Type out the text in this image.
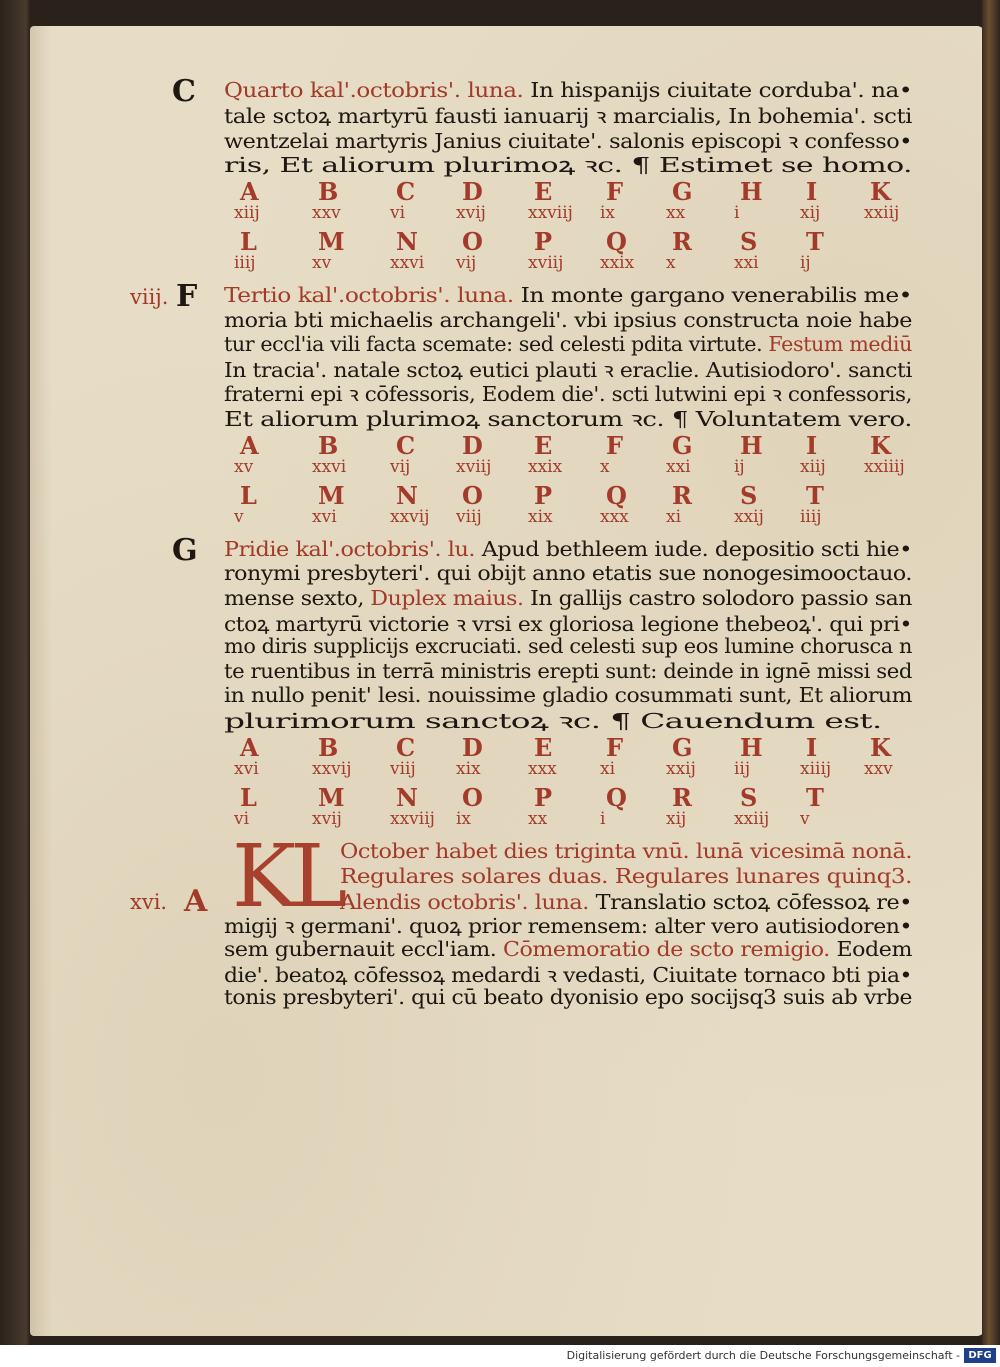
C Quarto kal'.octobris'. luna. In hispanijs ciuitate corduba'. na•
tale sctoꝝ martyrū fausti ianuarij ꝛ marcialis, In bohemia'. scti
wentzelai martyris Janius ciuitate'. salonis episcopi ꝛ confesso•
ris, Et aliorum plurimoꝝ ꝛc. ¶ Estimet se homo.
A B C D E F G H I K
xiij	xxv	vi	xvij xxviij ix	xx	i	xij	xxiij
L	M N O P Q R S T
iiij	xv	xxvi vij	xviij xxix x	xxi ij
F
viij.	Tertio kal'.octobris'. luna. In monte gargano venerabilis me•
moria bti michaelis archangeli'. vbi ipsius constructa noie habe
tur eccl'ia vili facta scemate: sed celesti pdita virtute. Festum mediū
In tracia'. natale sctoꝝ eutici plauti ꝛ eraclie. Autisiodoro'. sancti
fraterni epi ꝛ cōfessoris, Eodem die'. scti lutwini epi ꝛ confessoris,
Et aliorum plurimoꝝ sanctorum ꝛc. ¶ Voluntatem vero.
A B C D E F G H I K
xv	xxvi	vij	xviij xxix x	xxi	ij	xiij xxiiij
L	M N O P Q R S T
v	xvi	xxvij viij	xix	xxx xi	xxij iiij
G Pridie kal'.octobris'. lu. Apud bethleem iude. depositio scti hie•
ronymi presbyteri'. qui obijt anno etatis sue nonogesimooctauo.
mense sexto, Duplex maius. In gallijs castro solodoro passio san
ctoꝝ martyrū victorie ꝛ vrsi ex gloriosa legione thebeoꝝ'. qui pri•
mo diris supplicijs excruciati. sed celesti sup eos lumine chorusca n
te ruentibus in terrā ministris erepti sunt: deinde in ignē missi sed
in nullo penit' lesi. nouissime gladio cosummati sunt, Et aliorum
plurimorum sanctoꝝ ꝛc. ¶ Cauendum est.
A B C D E F G H I K
xvi	xxvij viij xix	xxx	xi	xxij iij	xiiij xxv
L	M N O P Q R S T
vi	xvij	xxviij ix	xx	i	xij	xxiij v
KL
A
xvi.
October habet dies triginta vnū. lunā vicesimā nonā.
Regulares solares duas. Regulares lunares quinq3.
Alendis octobris'. luna. Translatio sctoꝝ cōfessoꝝ re•
migij ꝛ germani'. quoꝝ prior remensem: alter vero autisiodoren•
sem gubernauit eccl'iam. Cōmemoratio de scto remigio. Eodem
die'. beatoꝝ cōfessoꝝ medardi ꝛ vedasti, Ciuitate tornaco bti pia•
tonis presbyteri'. qui cū beato dyonisio epo socijsq3 suis ab vrbe
Digitalisierung gefördert durch die Deutsche Forschungsgemeinschaft - DFG
